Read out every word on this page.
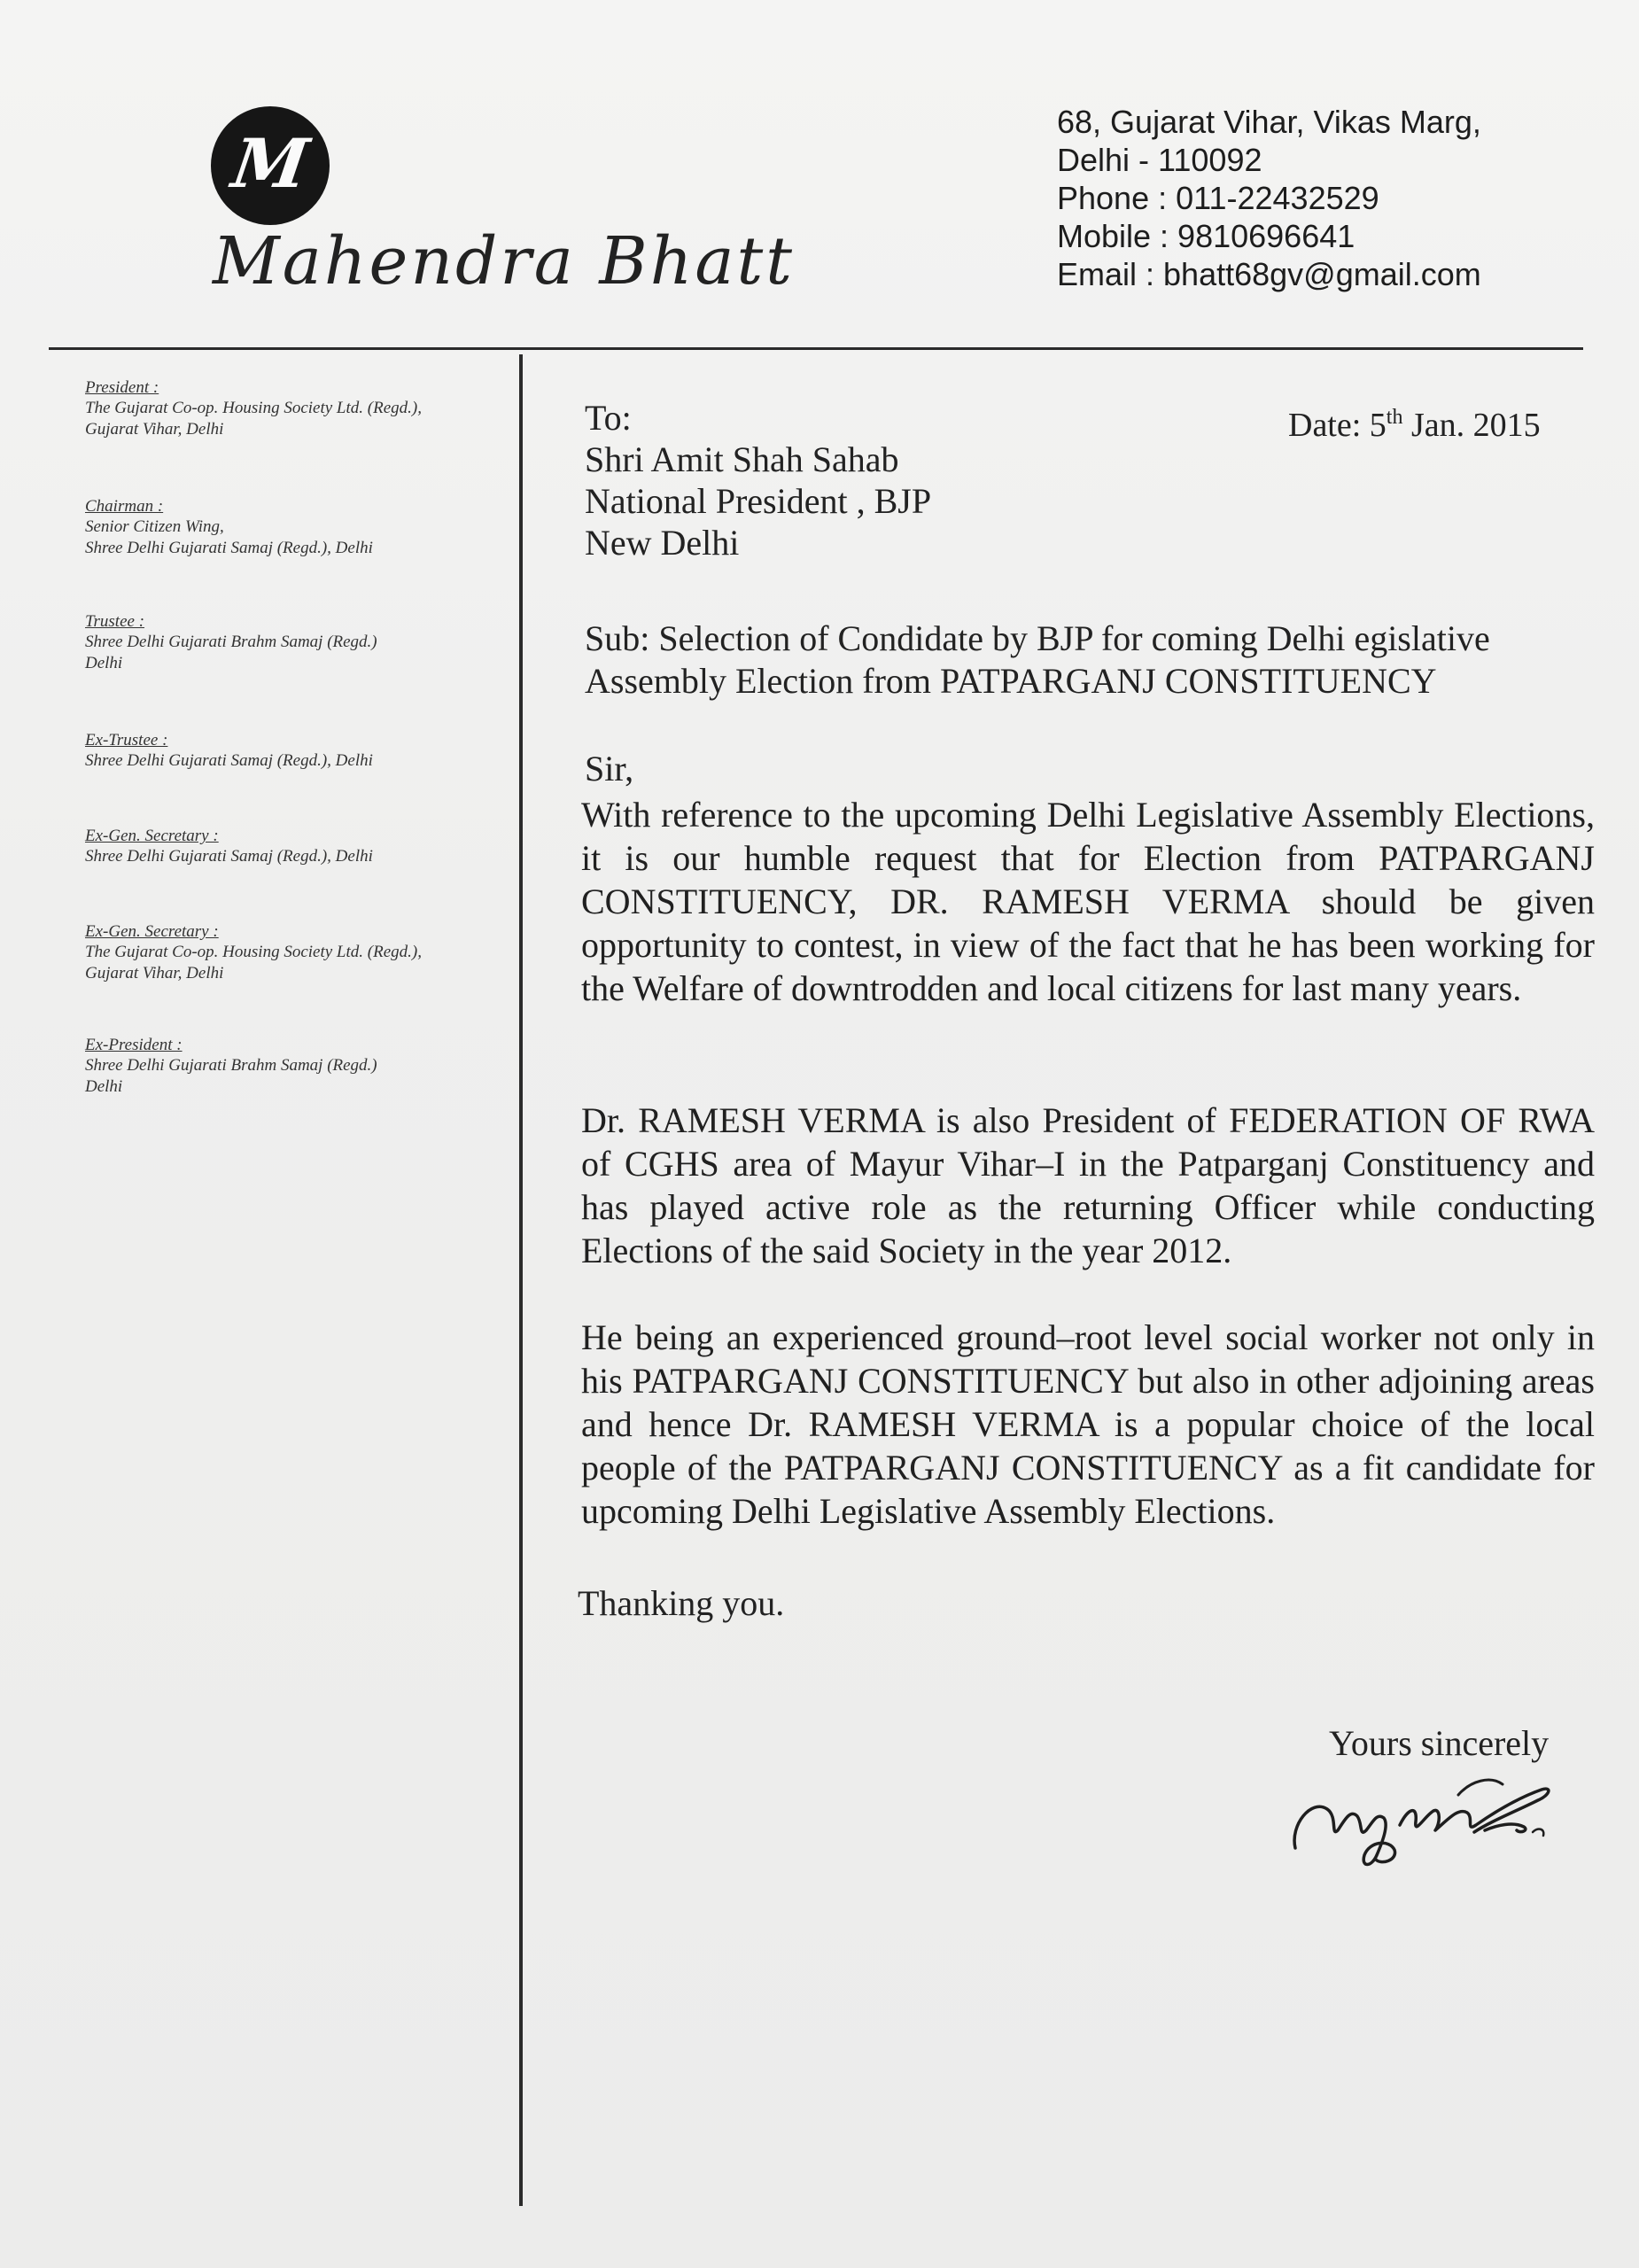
M
Mahendra Bhatt
68, Gujarat Vihar, Vikas Marg,
Delhi - 110092
Phone : 011-22432529
Mobile : 9810696641
Email : bhatt68gv@gmail.com
President :
The Gujarat Co-op. Housing Society Ltd. (Regd.),
Gujarat Vihar, Delhi
Chairman :
Senior Citizen Wing,
Shree Delhi Gujarati Samaj (Regd.), Delhi
Trustee :
Shree Delhi Gujarati Brahm Samaj (Regd.)
Delhi
Ex-Trustee :
Shree Delhi Gujarati Samaj (Regd.), Delhi
Ex-Gen. Secretary :
Shree Delhi Gujarati Samaj (Regd.), Delhi
Ex-Gen. Secretary :
The Gujarat Co-op. Housing Society Ltd. (Regd.),
Gujarat Vihar, Delhi
Ex-President :
Shree Delhi Gujarati Brahm Samaj (Regd.)
Delhi
To:
Shri Amit Shah Sahab
National President , BJP
New Delhi
Date: 5th Jan. 2015
Sub: Selection of Condidate by BJP for coming Delhi egislative
Assembly Election from PATPARGANJ CONSTITUENCY
Sir,
With reference to the upcoming Delhi Legislative Assembly Elections, it is our humble request that for Election from PATPARGANJ CONSTITUENCY, DR. RAMESH VERMA should be given opportunity to contest, in view of the fact that he has been working for the Welfare of downtrodden and local citizens for last many years.
Dr. RAMESH VERMA is also President of FEDERATION OF RWA of CGHS area of Mayur Vihar–I in the Patparganj Constituency and has played active role as the returning Officer while conducting Elections of the said Society in the year 2012.
He being an experienced ground–root level social worker not only in his PATPARGANJ CONSTITUENCY but also in other adjoining areas and hence Dr. RAMESH VERMA is a popular choice of the local people of the PATPARGANJ CONSTITUENCY as a fit candidate for upcoming Delhi Legislative Assembly Elections.
Thanking you.
Yours sincerely
